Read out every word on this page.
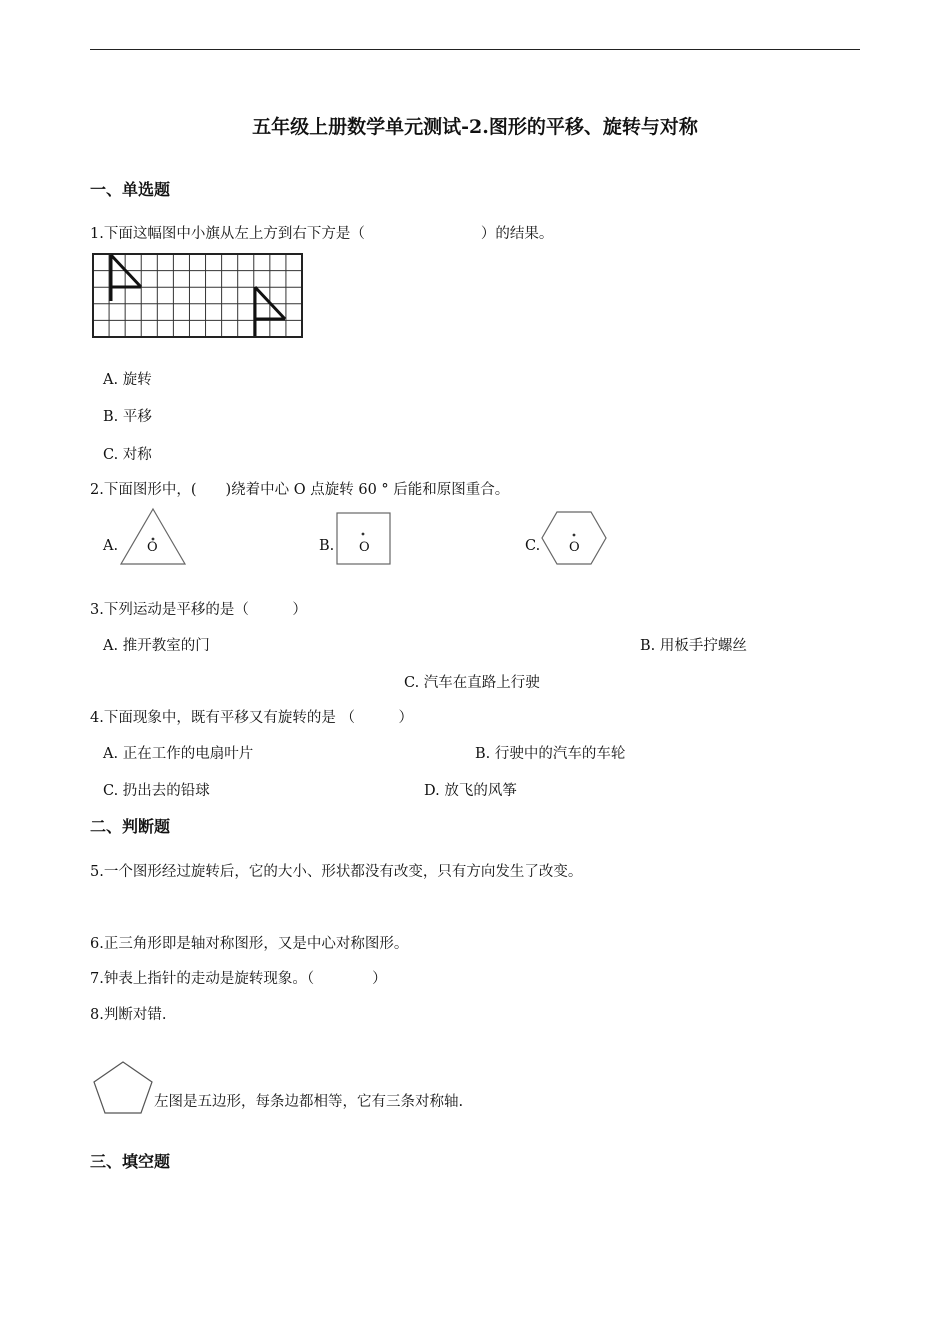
五年级上册数学单元测试-2.图形的平移、旋转与对称
一、单选题
1.下面这幅图中小旗从左上方到右下方是（　　　　　　　　）的结果。
A. 旋转
B. 平移
C. 对称
2.下面图形中，(　　)绕着中心 O 点旋转 60 ° 后能和原图重合。
A. O	B. O	C. O
3.下列运动是平移的是（　　　）
A. 推开教室的门	B. 用板手拧螺丝
C. 汽车在直路上行驶
4.下面现象中，既有平移又有旋转的是 （　　　）
A. 正在工作的电扇叶片	B. 行驶中的汽车的车轮
C. 扔出去的铅球	D. 放飞的风筝
二、判断题
5.一个图形经过旋转后，它的大小、形状都没有改变，只有方向发生了改变。
6.正三角形即是轴对称图形，又是中心对称图形。
7.钟表上指针的走动是旋转现象。（　　　　）
8.判断对错.
左图是五边形，每条边都相等，它有三条对称轴.
三、填空题
